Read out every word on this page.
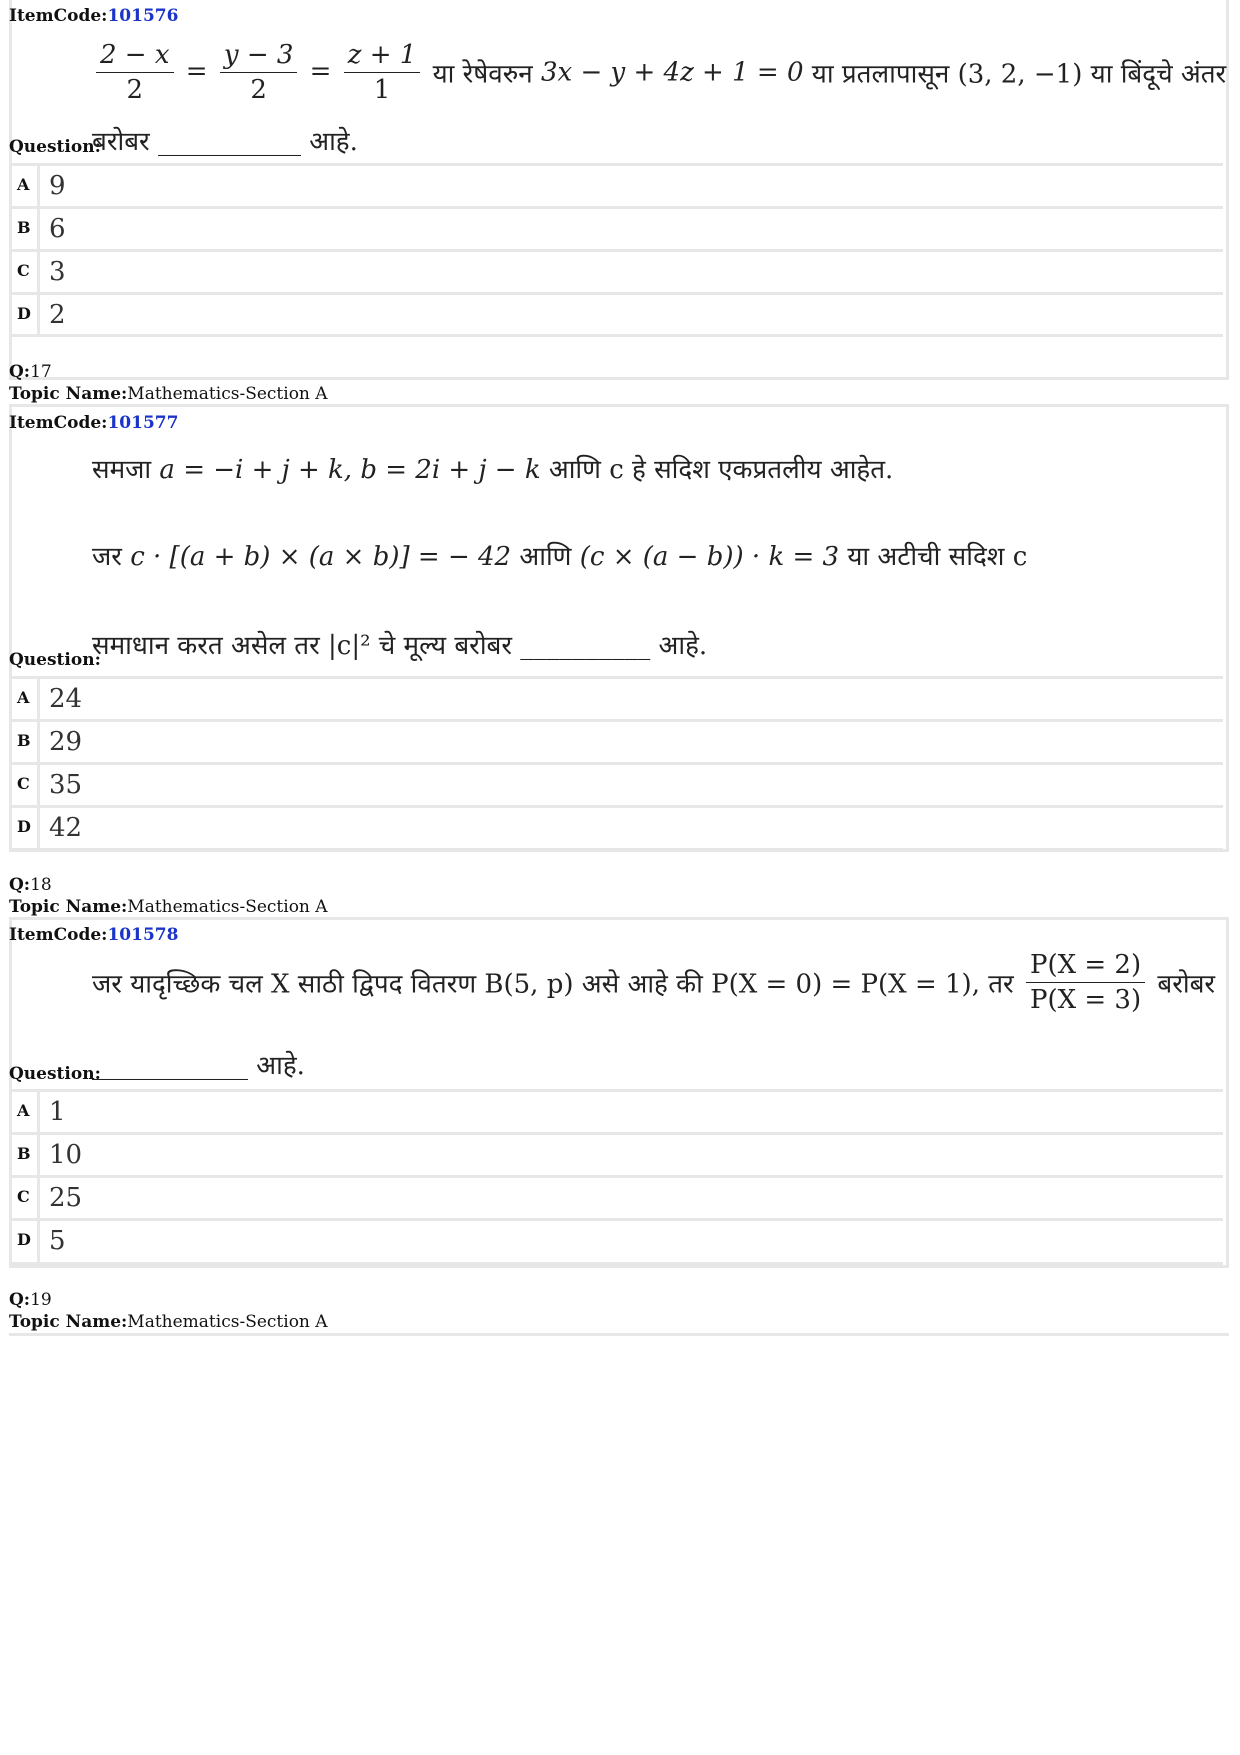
ItemCode:101576
$\frac{2 - x}{2} = \frac{y - 3}{2} = \frac{z + 1}{1}$ या रेषेवरुन 3x − y + 4z + 1 = 0 या प्रतलापासून (3, 2, −1) या बिंदूचे अंतर
Question:
बरोबर ___________ आहे.
A 9
B 6
C 3
D 2
Q:17
Topic Name:Mathematics-Section A
ItemCode:101577
समजा a = −i + j + k, b = 2i + j − k आणि c हे सदिश एकप्रतलीय आहेत.
जर c · [(a + b) × (a × b)] = − 42 आणि (c × (a − b)) · k = 3 या अटीची सदिश c
Question:
समाधान करत असेल तर |c|² चे मूल्य बरोबर __________ आहे.
A 24
B 29
C 35
D 42
Q:18
Topic Name:Mathematics-Section A
ItemCode:101578
जर यादृच्छिक चल X साठी द्विपद वितरण B(5, p) असे आहे की P(X = 0) = P(X = 1), तर $\frac{P(X = 2)}{P(X = 3)}$ बरोबर
Question:
____________ आहे.
A 1
B 10
C 25
D 5
Q:19
Topic Name:Mathematics-Section A
